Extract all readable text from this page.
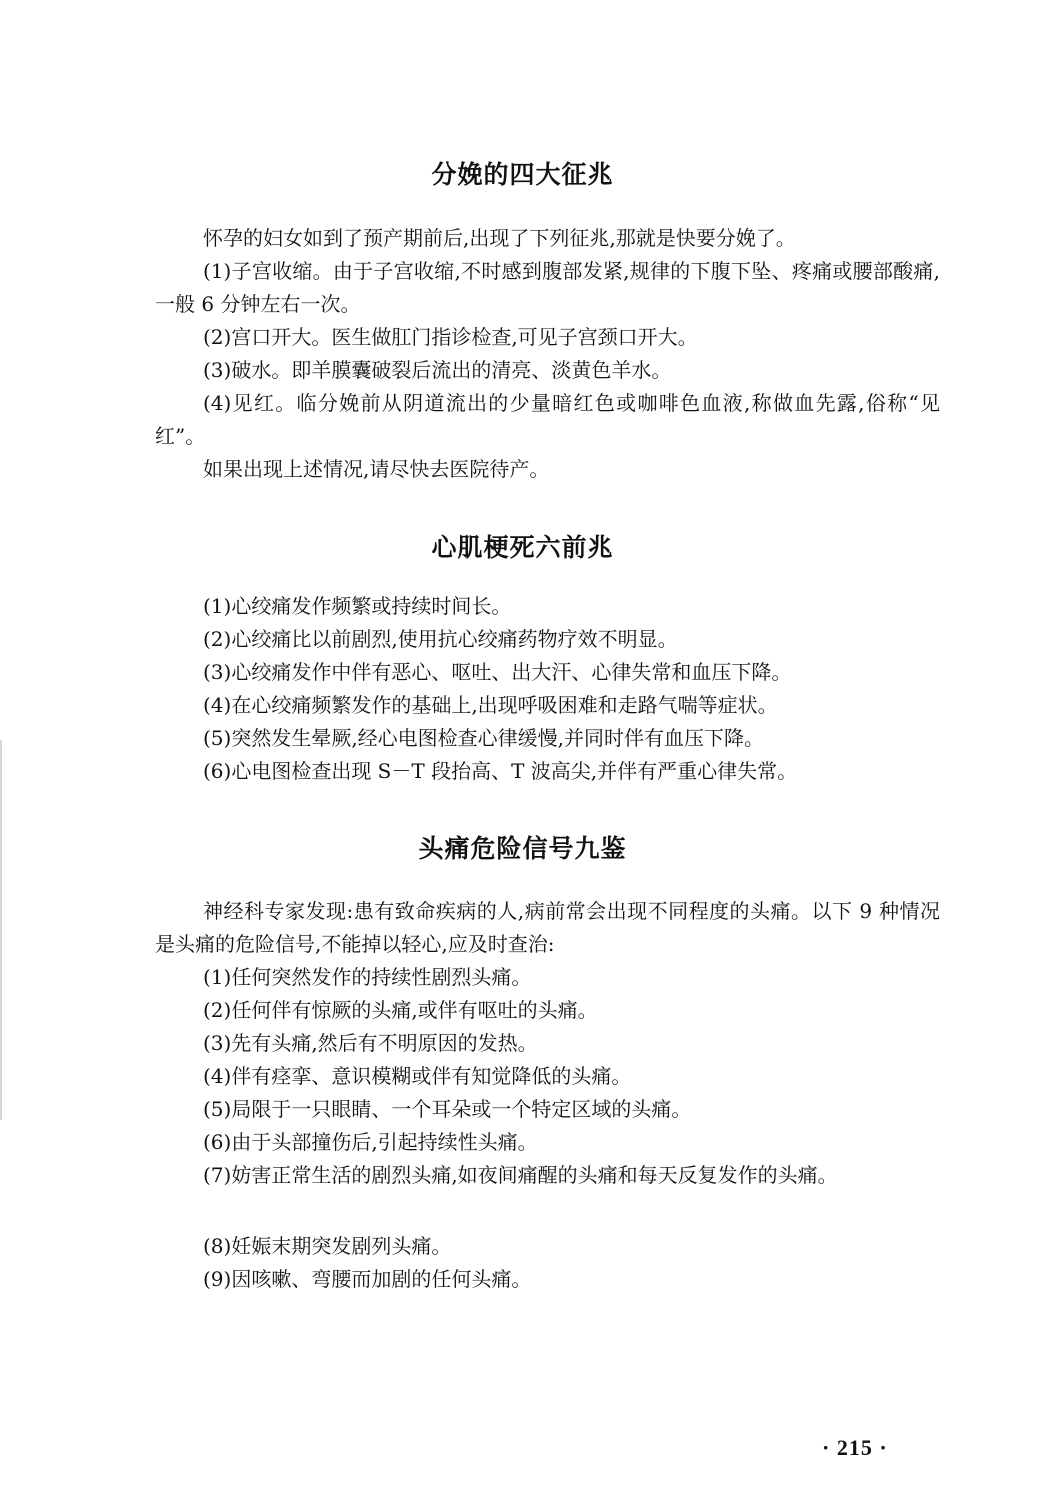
分娩的四大征兆

怀孕的妇女如到了预产期前后,出现了下列征兆,那就是快要分娩了。

(1)子宫收缩。由于子宫收缩,不时感到腹部发紧,规律的下腹下坠、疼痛或腰部酸痛,一般 6 分钟左右一次。

(2)宫口开大。医生做肛门指诊检查,可见子宫颈口开大。

(3)破水。即羊膜囊破裂后流出的清亮、淡黄色羊水。

(4)见红。临分娩前从阴道流出的少量暗红色或咖啡色血液,称做血先露,俗称“见红”。

如果出现上述情况,请尽快去医院待产。

心肌梗死六前兆

(1)心绞痛发作频繁或持续时间长。

(2)心绞痛比以前剧烈,使用抗心绞痛药物疗效不明显。

(3)心绞痛发作中伴有恶心、呕吐、出大汗、心律失常和血压下降。

(4)在心绞痛频繁发作的基础上,出现呼吸困难和走路气喘等症状。

(5)突然发生晕厥,经心电图检查心律缓慢,并同时伴有血压下降。

(6)心电图检查出现 S－T 段抬高、T 波高尖,并伴有严重心律失常。

头痛危险信号九鉴

神经科专家发现:患有致命疾病的人,病前常会出现不同程度的头痛。以下 9 种情况是头痛的危险信号,不能掉以轻心,应及时查治:

(1)任何突然发作的持续性剧烈头痛。

(2)任何伴有惊厥的头痛,或伴有呕吐的头痛。

(3)先有头痛,然后有不明原因的发热。

(4)伴有痉挛、意识模糊或伴有知觉降低的头痛。

(5)局限于一只眼睛、一个耳朵或一个特定区域的头痛。

(6)由于头部撞伤后,引起持续性头痛。

(7)妨害正常生活的剧烈头痛,如夜间痛醒的头痛和每天反复发作的头痛。

(8)妊娠末期突发剧列头痛。

(9)因咳嗽、弯腰而加剧的任何头痛。

· 215 ·
